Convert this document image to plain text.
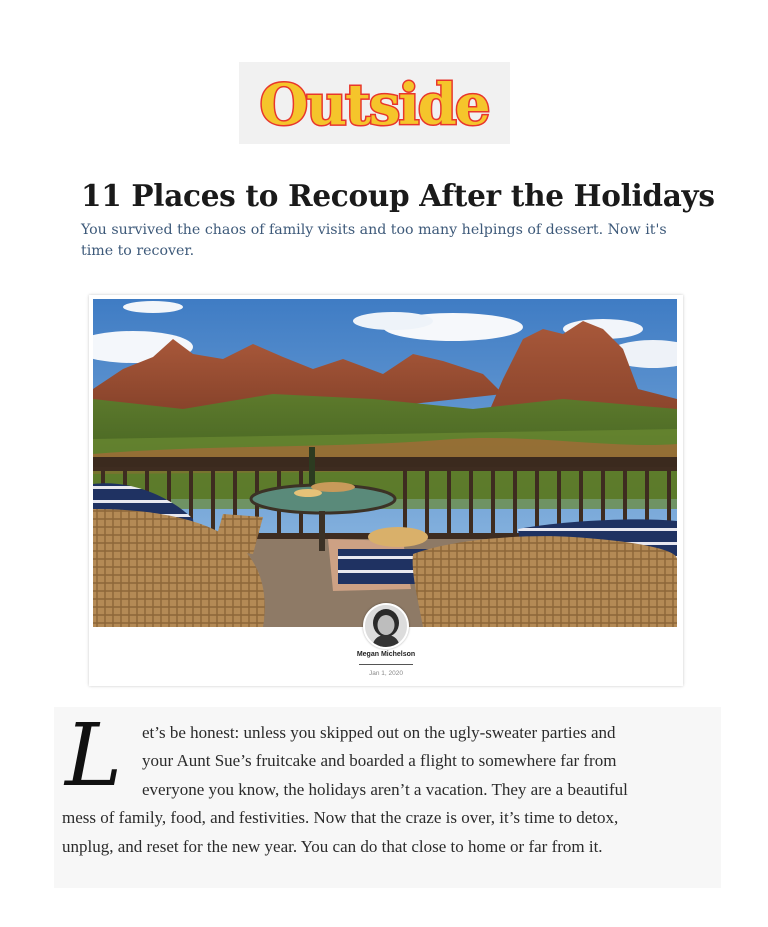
Outside
11 Places to Recoup After the Holidays

You survived the chaos of family visits and too many helpings of dessert. Now it's time to recover.

Megan Michelson
Jan 1, 2020
L et’s be honest: unless you skipped out on the ugly-sweater parties and

your Aunt Sue’s fruitcake and boarded a flight to somewhere far from

everyone you know, the holidays aren’t a vacation. They are a beautiful

mess of family, food, and festivities. Now that the craze is over, it’s time to detox,

unplug, and reset for the new year. You can do that close to home or far from it.
